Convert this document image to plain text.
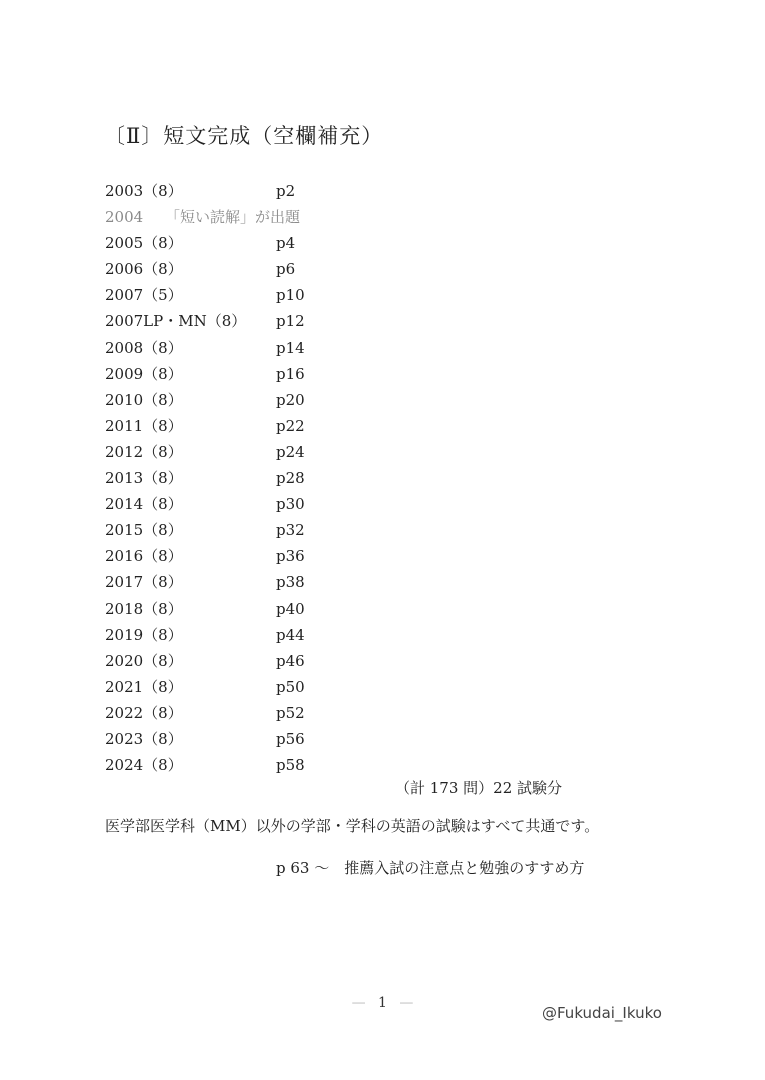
〔Ⅱ〕短文完成（空欄補充）
2003（8）	p2
2004 「短い読解」が出題
2005（8）	p4
2006（8）	p6
2007（5）	p10
2007LP・MN（8） p12
2008（8）	p14
2009（8）	p16
2010（8）	p20
2011（8）	p22
2012（8）	p24
2013（8）	p28
2014（8）	p30
2015（8）	p32
2016（8）	p36
2017（8）	p38
2018（8）	p40
2019（8）	p44
2020（8）	p46
2021（8）	p50
2022（8）	p52
2023（8）	p56
2024（8）	p58
（計 173 問）22 試験分
医学部医学科（MM）以外の学部・学科の英語の試験はすべて共通です。
p 63 〜　推薦入試の注意点と勉強のすすめ方
— 1 —
@Fukudai_Ikuko
